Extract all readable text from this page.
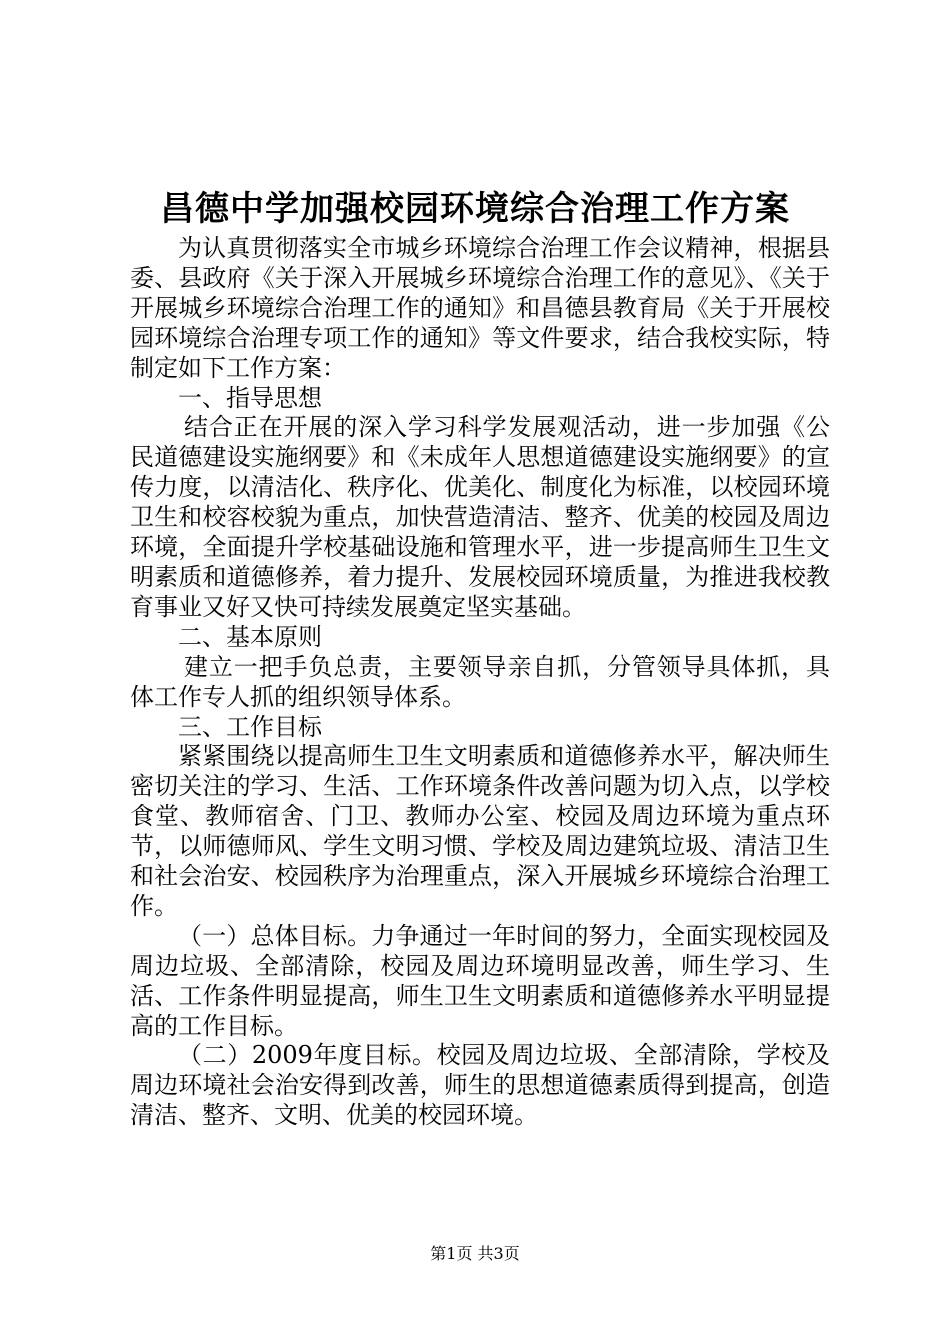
昌德中学加强校园环境综合治理工作方案

为认真贯彻落实全市城乡环境综合治理工作会议精神，根据县委、县政府《关于深入开展城乡环境综合治理工作的意见》、《关于开展城乡环境综合治理工作的通知》和昌德县教育局《关于开展校园环境综合治理专项工作的通知》等文件要求，结合我校实际，特制定如下工作方案：

一、指导思想

结合正在开展的深入学习科学发展观活动，进一步加强《公民道德建设实施纲要》和《未成年人思想道德建设实施纲要》的宣传力度，以清洁化、秩序化、优美化、制度化为标准，以校园环境卫生和校容校貌为重点，加快营造清洁、整齐、优美的校园及周边环境，全面提升学校基础设施和管理水平，进一步提高师生卫生文明素质和道德修养，着力提升、发展校园环境质量，为推进我校教育事业又好又快可持续发展奠定坚实基础。

二、基本原则

建立一把手负总责，主要领导亲自抓，分管领导具体抓，具体工作专人抓的组织领导体系。

三、工作目标

紧紧围绕以提高师生卫生文明素质和道德修养水平，解决师生密切关注的学习、生活、工作环境条件改善问题为切入点，以学校食堂、教师宿舍、门卫、教师办公室、校园及周边环境为重点环节，以师德师风、学生文明习惯、学校及周边建筑垃圾、清洁卫生和社会治安、校园秩序为治理重点，深入开展城乡环境综合治理工作。

（一）总体目标。力争通过一年时间的努力，全面实现校园及周边垃圾、全部清除，校园及周边环境明显改善，师生学习、生活、工作条件明显提高，师生卫生文明素质和道德修养水平明显提高的工作目标。

（二）2009年度目标。校园及周边垃圾、全部清除，学校及周边环境社会治安得到改善，师生的思想道德素质得到提高，创造清洁、整齐、文明、优美的校园环境。

第1页 共3页
